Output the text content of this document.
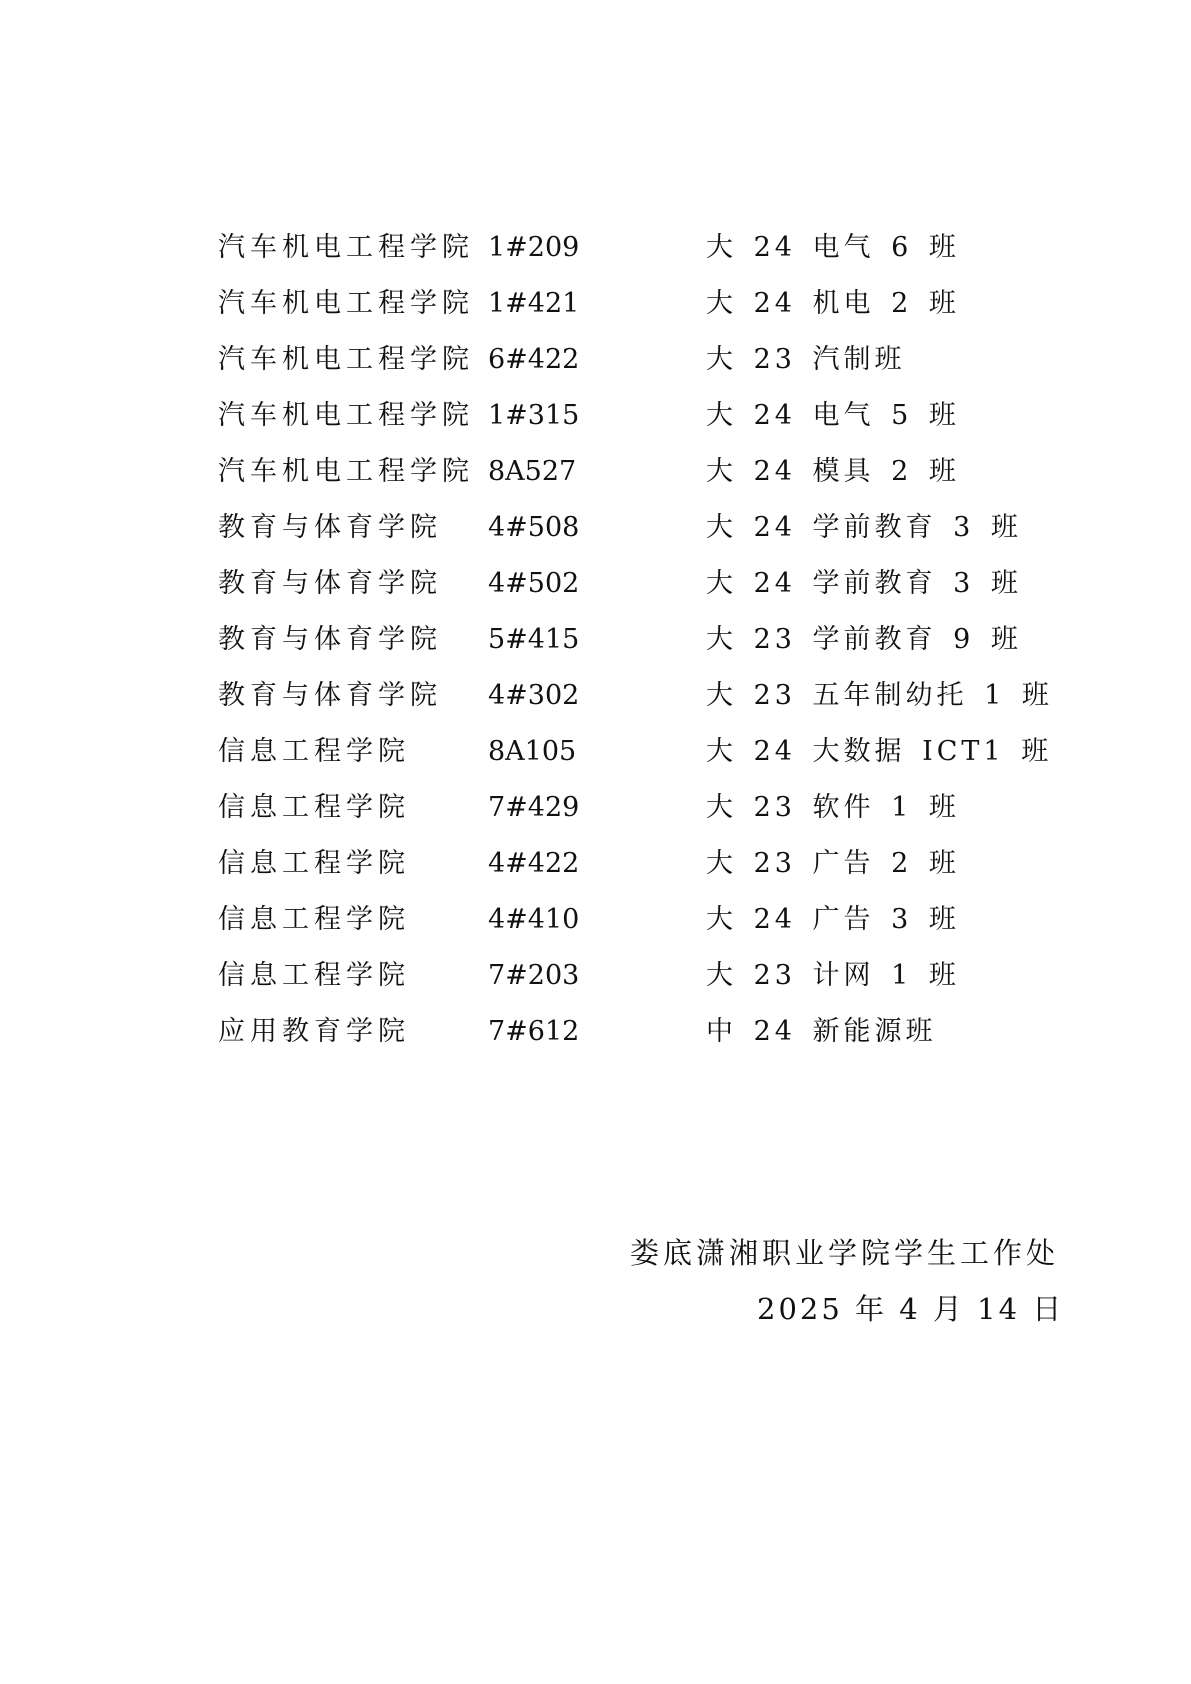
汽车机电工程学院 1#209	大 24 电气 6 班
汽车机电工程学院 1#421	大 24 机电 2 班
汽车机电工程学院 6#422	大 23 汽制班
汽车机电工程学院 1#315	大 24 电气 5 班
汽车机电工程学院 8A527	大 24 模具 2 班
教育与体育学院 4#508	大 24 学前教育 3 班
教育与体育学院 4#502	大 24 学前教育 3 班
教育与体育学院 5#415	大 23 学前教育 9 班
教育与体育学院 4#302	大 23 五年制幼托 1 班
信息工程学院	8A105	大 24 大数据 ICT1 班
信息工程学院	7#429	大 23 软件 1 班
信息工程学院	4#422	大 23 广告 2 班
信息工程学院	4#410	大 24 广告 3 班
信息工程学院	7#203	大 23 计网 1 班
应用教育学院	7#612	中 24 新能源班
娄底潇湘职业学院学生工作处
2025 年 4 月 14 日
